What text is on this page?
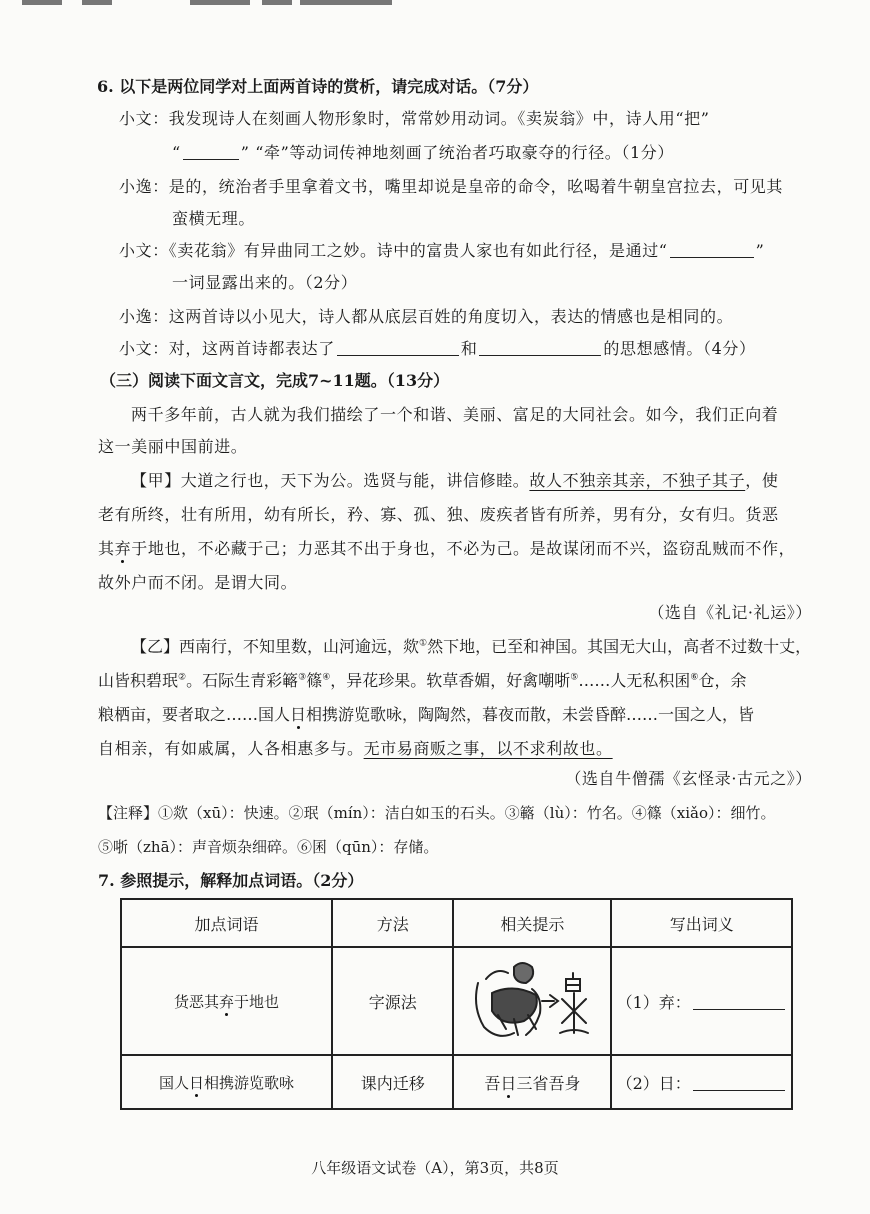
6. 以下是两位同学对上面两首诗的赏析，请完成对话。（7分）
小文：我发现诗人在刻画人物形象时，常常妙用动词。《卖炭翁》中，诗人用“把”
“	” “牵”等动词传神地刻画了统治者巧取豪夺的行径。（1分）
小逸：是的，统治者手里拿着文书，嘴里却说是皇帝的命令，吆喝着牛朝皇宫拉去，可见其
蛮横无理。
小文：《卖花翁》有异曲同工之妙。诗中的富贵人家也有如此行径，是通过“	”
一词显露出来的。（2分）
小逸：这两首诗以小见大，诗人都从底层百姓的角度切入，表达的情感也是相同的。
小文：对，这两首诗都表达了	和	的思想感情。（4分）
（三）阅读下面文言文，完成7~11题。（13分）
两千多年前，古人就为我们描绘了一个和谐、美丽、富足的大同社会。如今，我们正向着
这一美丽中国前进。
【甲】大道之行也，天下为公。选贤与能，讲信修睦。故人不独亲其亲，不独子其子，使
老有所终，壮有所用，幼有所长，矜、寡、孤、独、废疾者皆有所养，男有分，女有归。货恶
其弃于地也，不必藏于己；力恶其不出于身也，不必为己。是故谋闭而不兴，盗窃乱贼而不作，
故外户而不闭。是谓大同。
（选自《礼记·礼运》）
【乙】西南行，不知里数，山河逾远，欻①然下地，已至和神国。其国无大山，高者不过数十丈，
山皆积碧珉②。石际生青彩簵③篠④，异花珍果。软草香媚，好禽嘲哳⑤……人无私积囷⑥仓，余
粮栖亩，要者取之……国人日相携游览歌咏，陶陶然，暮夜而散，未尝昏醉……一国之人，皆
自相亲，有如戚属，人各相惠多与。无市易商贩之事，以不求利故也。
（选自牛僧孺《玄怪录·古元之》）
【注释】①欻（xū）：快速。②珉（mín）：洁白如玉的石头。③簵（lù）：竹名。④篠（xiǎo）：细竹。
⑤哳（zhā）：声音烦杂细碎。⑥囷（qūn）：存储。
7. 参照提示，解释加点词语。（2分）
加点词语	方法	相关提示	写出词义
货恶其弃于地也	字源法		（1）弃：
国人日相携游览歌咏	课内迁移	吾日三省吾身	（2）日：
八年级语文试卷（A），第3页，共8页
